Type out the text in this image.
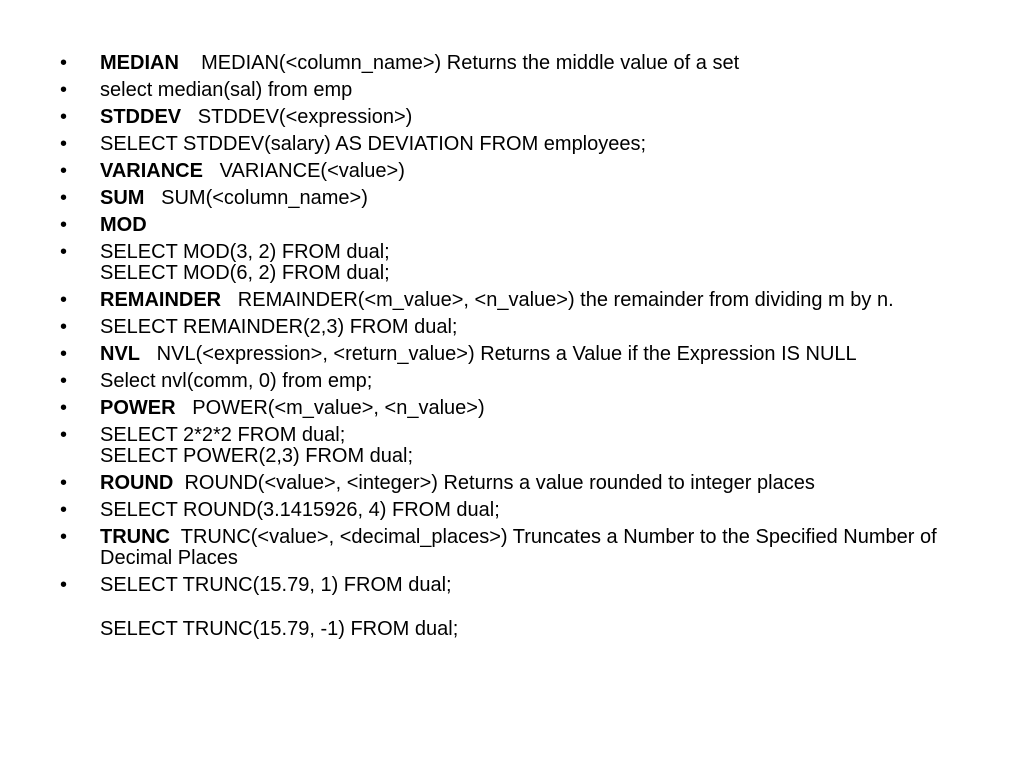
• MEDIAN MEDIAN(<column_name>) Returns the middle value of a set
• select median(sal) from emp
• STDDEV STDDEV(<expression>)
• SELECT STDDEV(salary) AS DEVIATION FROM employees;
• VARIANCE VARIANCE(<value>)
• SUM SUM(<column_name>)
• MOD
• SELECT MOD(3, 2) FROM dual;
SELECT MOD(6, 2) FROM dual;
• REMAINDER REMAINDER(<m_value>, <n_value>) the remainder from dividing m by n.
• SELECT REMAINDER(2,3) FROM dual;
• NVL NVL(<expression>, <return_value>) Returns a Value if the Expression IS NULL
• Select nvl(comm, 0) from emp;
• POWER POWER(<m_value>, <n_value>)
• SELECT 2*2*2 FROM dual;
SELECT POWER(2,3) FROM dual;
• ROUND ROUND(<value>, <integer>) Returns a value rounded to integer places
• SELECT ROUND(3.1415926, 4) FROM dual;
• TRUNC TRUNC(<value>, <decimal_places>) Truncates a Number to the Specified Number of Decimal Places
• SELECT TRUNC(15.79, 1) FROM dual;
SELECT TRUNC(15.79, -1) FROM dual;
